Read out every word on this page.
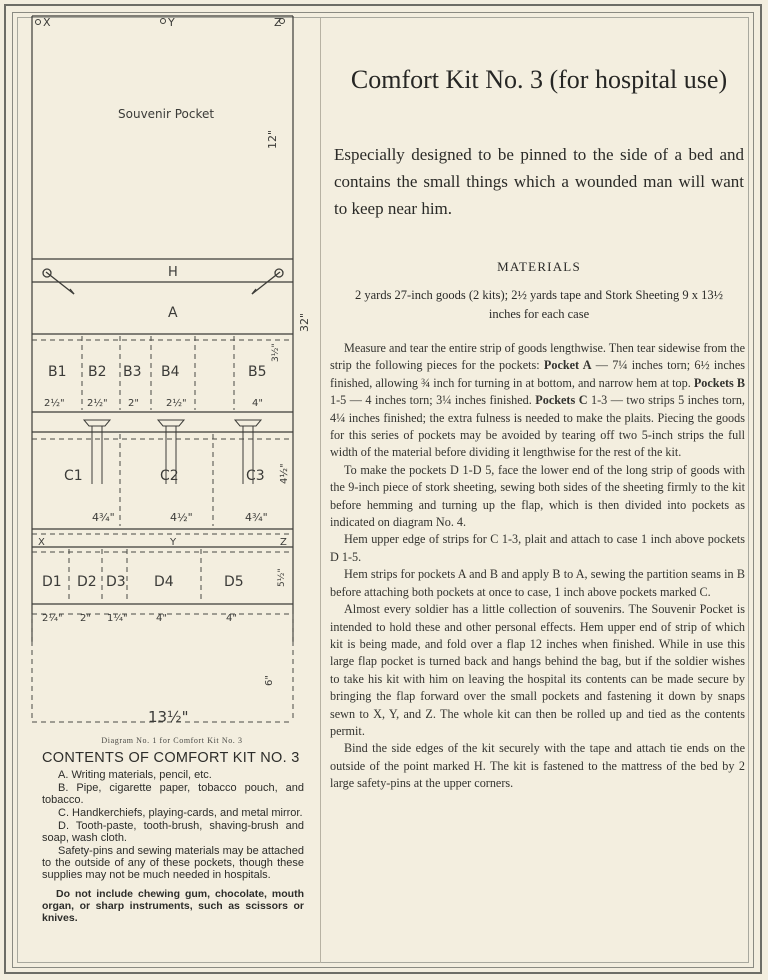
X	Y	Z
Souvenir Pocket
12"
H
A	32"
B1 B2 B3 B4	B5
3½"
2½" 2½" 2"	2½"	4"
C1	C2	C3 4½"
4¾"	4½"	4¾"
X	Y	Z
D1 D2 D3 D4	D5	5½"
2¼" 2" 1¼"	4"	4"
6"
13½"
Diagram No. 1 for Comfort Kit No. 3
CONTENTS OF COMFORT KIT NO. 3
A. Writing materials, pencil, etc.
B. Pipe, cigarette paper, tobacco pouch, and tobacco.
C. Handkerchiefs, playing-cards, and metal mirror.
D. Tooth-paste, tooth-brush, shaving-brush and soap, wash cloth.
Safety-pins and sewing materials may be attached to the outside of any of these pockets, though these supplies may not be much needed in hospitals.
Do not include chewing gum, chocolate, mouth organ, or sharp instruments, such as scissors or knives.
Comfort Kit No. 3 (for hospital use)
Especially designed to be pinned to the side of a bed and contains the small things which a wounded man will want to keep near him.
MATERIALS
2 yards 27-inch goods (2 kits); 2½ yards tape and Stork Sheeting 9 x 13½ inches for each case

Measure and tear the entire strip of goods lengthwise. Then tear sidewise from the strip the following pieces for the pockets: Pocket A — 7¼ inches torn; 6½ inches finished, allowing ¾ inch for turning in at bottom, and narrow hem at top. Pockets B 1-5 — 4 inches torn; 3¼ inches finished. Pockets C 1-3 — two strips 5 inches torn, 4¼ inches finished; the extra fulness is needed to make the plaits. Piecing the goods for this series of pockets may be avoided by tearing off two 5-inch strips the full width of the material before dividing it lengthwise for the rest of the kit.

To make the pockets D 1-D 5, face the lower end of the long strip of goods with the 9-inch piece of stork sheeting, sewing both sides of the sheeting firmly to the kit before hemming and turning up the flap, which is then divided into pockets as indicated on diagram No. 4.

Hem upper edge of strips for C 1-3, plait and attach to case 1 inch above pockets D 1-5.

Hem strips for pockets A and B and apply B to A, sewing the partition seams in B before attaching both pockets at once to case, 1 inch above pockets marked C.

Almost every soldier has a little collection of souvenirs. The Souvenir Pocket is intended to hold these and other personal effects. Hem upper end of strip of which kit is being made, and fold over a flap 12 inches when finished. While in use this large flap pocket is turned back and hangs behind the bag, but if the soldier wishes to take his kit with him on leaving the hospital its contents can be made secure by bringing the flap forward over the small pockets and fastening it down by snaps sewn to X, Y, and Z. The whole kit can then be rolled up and tied as the contents permit.

Bind the side edges of the kit securely with the tape and attach tie ends on the outside of the point marked H. The kit is fastened to the mattress of the bed by 2 large safety-pins at the upper corners.
